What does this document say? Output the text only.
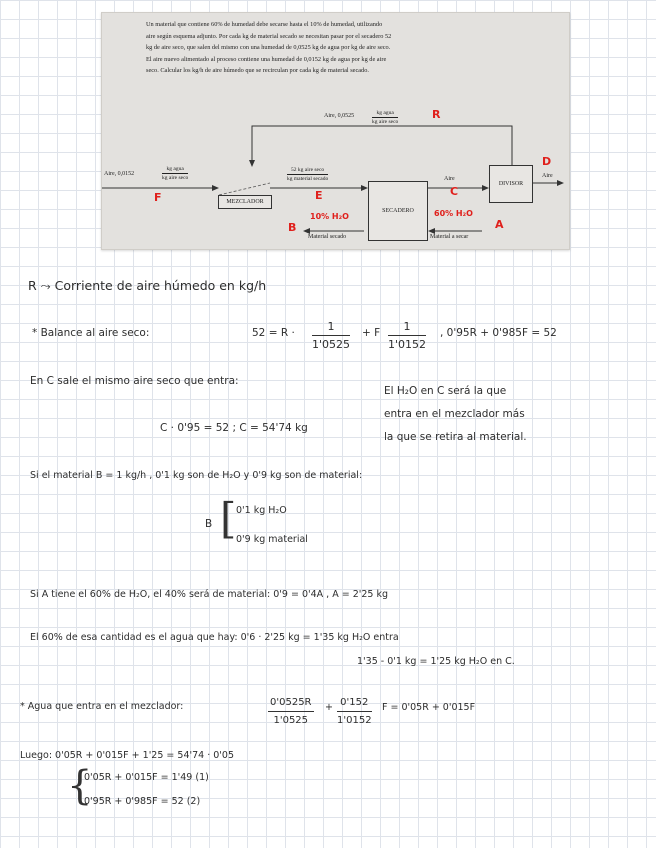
Un material que contiene 60% de humedad debe secarse hasta el 10% de humedad, utilizando
aire según esquema adjunto. Por cada kg de material secado se necesitan pasar por el secadero 52
kg de aire seco, que salen del mismo con una humedad de 0,0525 kg de agua por kg de aire seco.
El aire nuevo alimentado al proceso contiene una humedad de 0,0152 kg de agua por kg de aire
seco. Calcular los kg/h de aire húmedo que se recirculan por cada kg de material secado.
Aire, 0,0525	kg agua
kg aire seco
Aire, 0,0152
kg agua
kg aire seco
52 kg aire seco
kg material secado
MEZCLADOR
SECADERO
DIVISOR
Aire	Aire
Material secado	Material a secar
R
F	E	C
D
B	A
10% H₂O	60% H₂O
R ⤳ Corriente de aire húmedo en kg/h
* Balance al aire seco:	$52 = R \cdot \frac{1}{1'0525} + F \frac{1}{1'0152}$ , 0'95R + 0'985F = 52
En C sale el mismo aire seco que entra:
El H₂O en C será la que
entra en el mezclador más
la que se retira al material.
C · 0'95 = 52 ; C = 54'74 kg
Si el material B = 1 kg/h , 0'1 kg son de H₂O y 0'9 kg son de material:
B [ 0'1 kg H₂O
0'9 kg material
Si A tiene el 60% de H₂O, el 40% será de material: 0'9 = 0'4A , A = 2'25 kg
El 60% de esa cantidad es el agua que hay: 0'6 · 2'25 kg = 1'35 kg H₂O entra
1'35 - 0'1 kg = 1'25 kg H₂O en C.
* Agua que entra en el mezclador:	$\frac{0'0525R}{1'0525} + \frac{0'152}{1'0152}$ F = 0'05R + 0'015F
Luego: 0'05R + 0'015F + 1'25 = 54'74 · 0'05
{
0'05R + 0'015F = 1'49 (1)
0'95R + 0'985F = 52 (2)
